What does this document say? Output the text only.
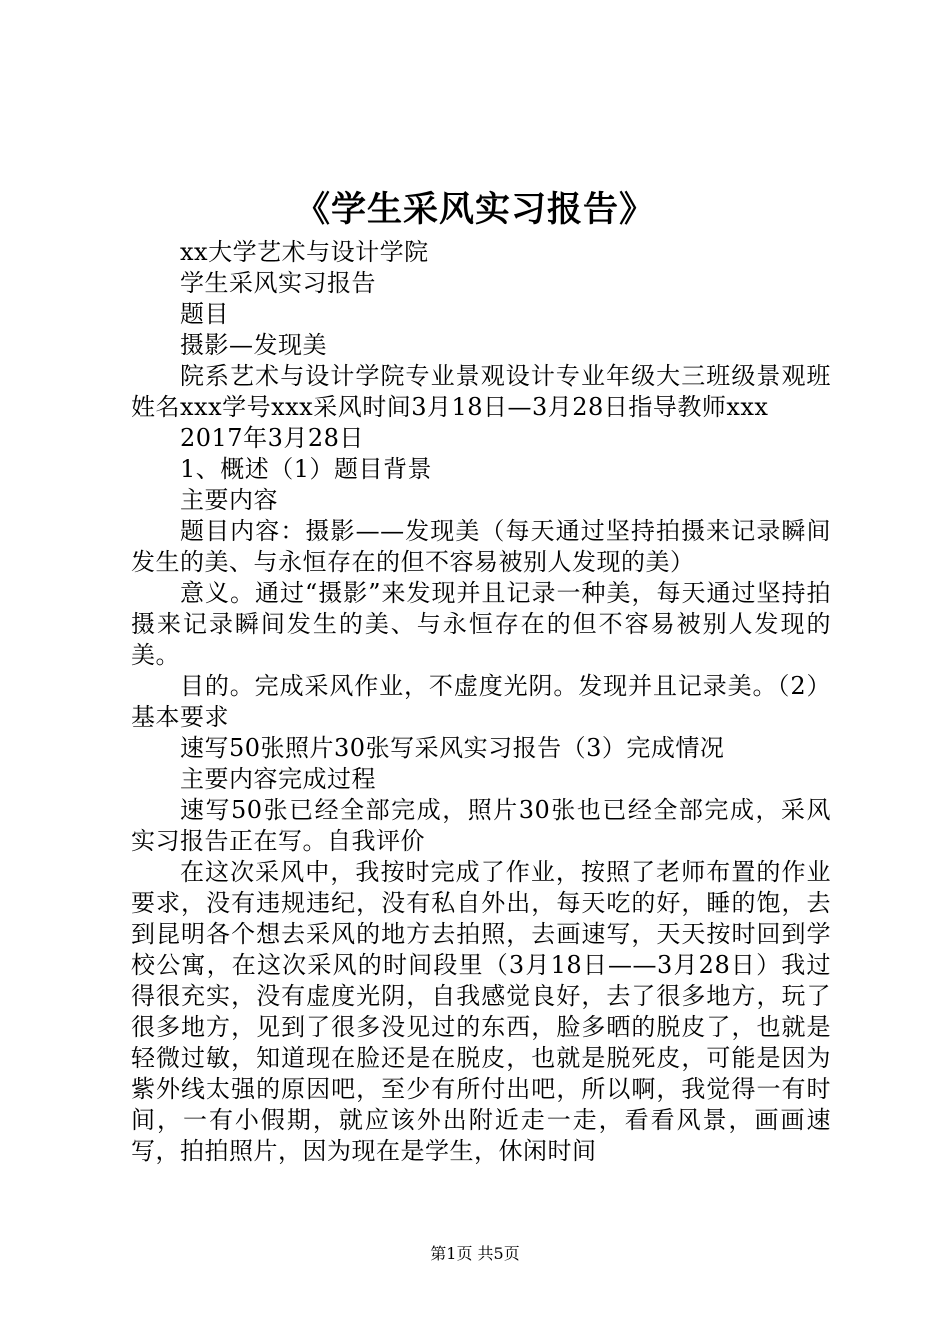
《学生采风实习报告》

xx大学艺术与设计学院

学生采风实习报告

题目

摄影—发现美

院系艺术与设计学院专业景观设计专业年级大三班级景观班姓名xxx学号xxx采风时间3月18日—3月28日指导教师xxx

2017年3月28日

1、概述（1）题目背景

主要内容

题目内容：摄影——发现美（每天通过坚持拍摄来记录瞬间发生的美、与永恒存在的但不容易被别人发现的美）

意义。通过“摄影”来发现并且记录一种美，每天通过坚持拍摄来记录瞬间发生的美、与永恒存在的但不容易被别人发现的美。

目的。完成采风作业，不虚度光阴。发现并且记录美。（2）基本要求

速写50张照片30张写采风实习报告（3）完成情况

主要内容完成过程

速写50张已经全部完成，照片30张也已经全部完成，采风实习报告正在写。自我评价

在这次采风中，我按时完成了作业，按照了老师布置的作业要求，没有违规违纪，没有私自外出，每天吃的好，睡的饱，去到昆明各个想去采风的地方去拍照，去画速写，天天按时回到学校公寓，在这次采风的时间段里（3月18日——3月28日）我过得很充实，没有虚度光阴，自我感觉良好，去了很多地方，玩了很多地方，见到了很多没见过的东西，脸多晒的脱皮了，也就是轻微过敏，知道现在脸还是在脱皮，也就是脱死皮，可能是因为紫外线太强的原因吧，至少有所付出吧，所以啊，我觉得一有时间，一有小假期，就应该外出附近走一走，看看风景，画画速写，拍拍照片，因为现在是学生，休闲时间

第1页 共5页
